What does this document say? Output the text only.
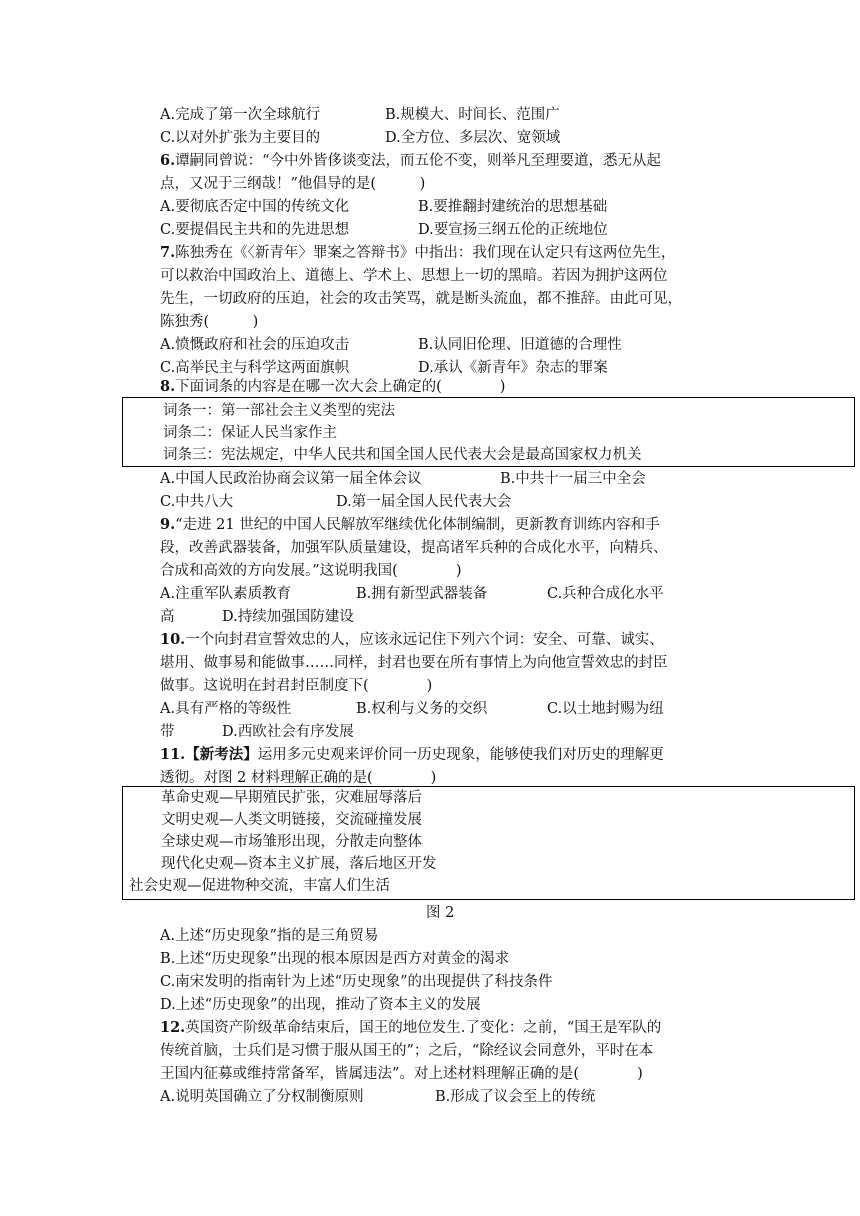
A.完成了第一次全球航行	B.规模大、时间长、范围广
C.以对外扩张为主要目的	D.全方位、多层次、宽领域
6.谭嗣同曾说：“今中外皆侈谈变法，而五伦不变，则举凡至理要道，悉无从起
点，又况于三纲哉！”他倡导的是(　　　)
A.要彻底否定中国的传统文化	B.要推翻封建统治的思想基础
C.要提倡民主共和的先进思想	D.要宣扬三纲五伦的正统地位
7.陈独秀在《〈新青年〉罪案之答辩书》中指出：我们现在认定只有这两位先生，
可以救治中国政治上、道德上、学术上、思想上一切的黑暗。若因为拥护这两位
先生，一切政府的压迫，社会的攻击笑骂，就是断头流血，都不推辞。由此可见，
陈独秀(　　　)
A.愤慨政府和社会的压迫攻击	B.认同旧伦理、旧道德的合理性
C.高举民主与科学这两面旗帜	D.承认《新青年》杂志的罪案
8.下面词条的内容是在哪一次大会上确定的(　　　　)
词条一：第一部社会主义类型的宪法
词条二：保证人民当家作主
词条三：宪法规定，中华人民共和国全国人民代表大会是最高国家权力机关
A.中国人民政治协商会议第一届全体会议	B.中共十一届三中全会
C.中共八大	D.第一届全国人民代表大会
9.“走进 21 世纪的中国人民解放军继续优化体制编制，更新教育训练内容和手
段，改善武器装备，加强军队质量建设，提高诸军兵种的合成化水平，向精兵、
合成和高效的方向发展。”这说明我国(　　　　)
A.注重军队素质教育	B.拥有新型武器装备	C.兵种合成化水平
高	D.持续加强国防建设
10.一个向封君宣誓效忠的人，应该永远记住下列六个词：安全、可靠、诚实、
堪用、做事易和能做事……同样，封君也要在所有事情上为向他宣誓效忠的封臣
做事。这说明在封君封臣制度下(　　　　)
A.具有严格的等级性	B.权利与义务的交织	C.以土地封赐为纽
带	D.西欧社会有序发展
11.【新考法】运用多元史观来评价同一历史现象，能够使我们对历史的理解更
透彻。对图 2 材料理解正确的是(　　　　)
革命史观—早期殖民扩张，灾难屈辱落后
文明史观—人类文明链接，交流碰撞发展
全球史观—市场雏形出现，分散走向整体
现代化史观—资本主义扩展，落后地区开发
社会史观—促进物种交流，丰富人们生活
图 2
A.上述“历史现象”指的是三角贸易
B.上述“历史现象”出现的根本原因是西方对黄金的渴求
C.南宋发明的指南针为上述“历史现象”的出现提供了科技条件
D.上述“历史现象”的出现，推动了资本主义的发展
12.英国资产阶级革命结束后，国王的地位发生.了变化：之前，“国王是军队的
传统首脑，士兵们是习惯于服从国王的”；之后，“除经议会同意外，平时在本
王国内征募或维持常备军，皆属违法”。对上述材料理解正确的是(　　　　)
A.说明英国确立了分权制衡原则	B.形成了议会至上的传统
